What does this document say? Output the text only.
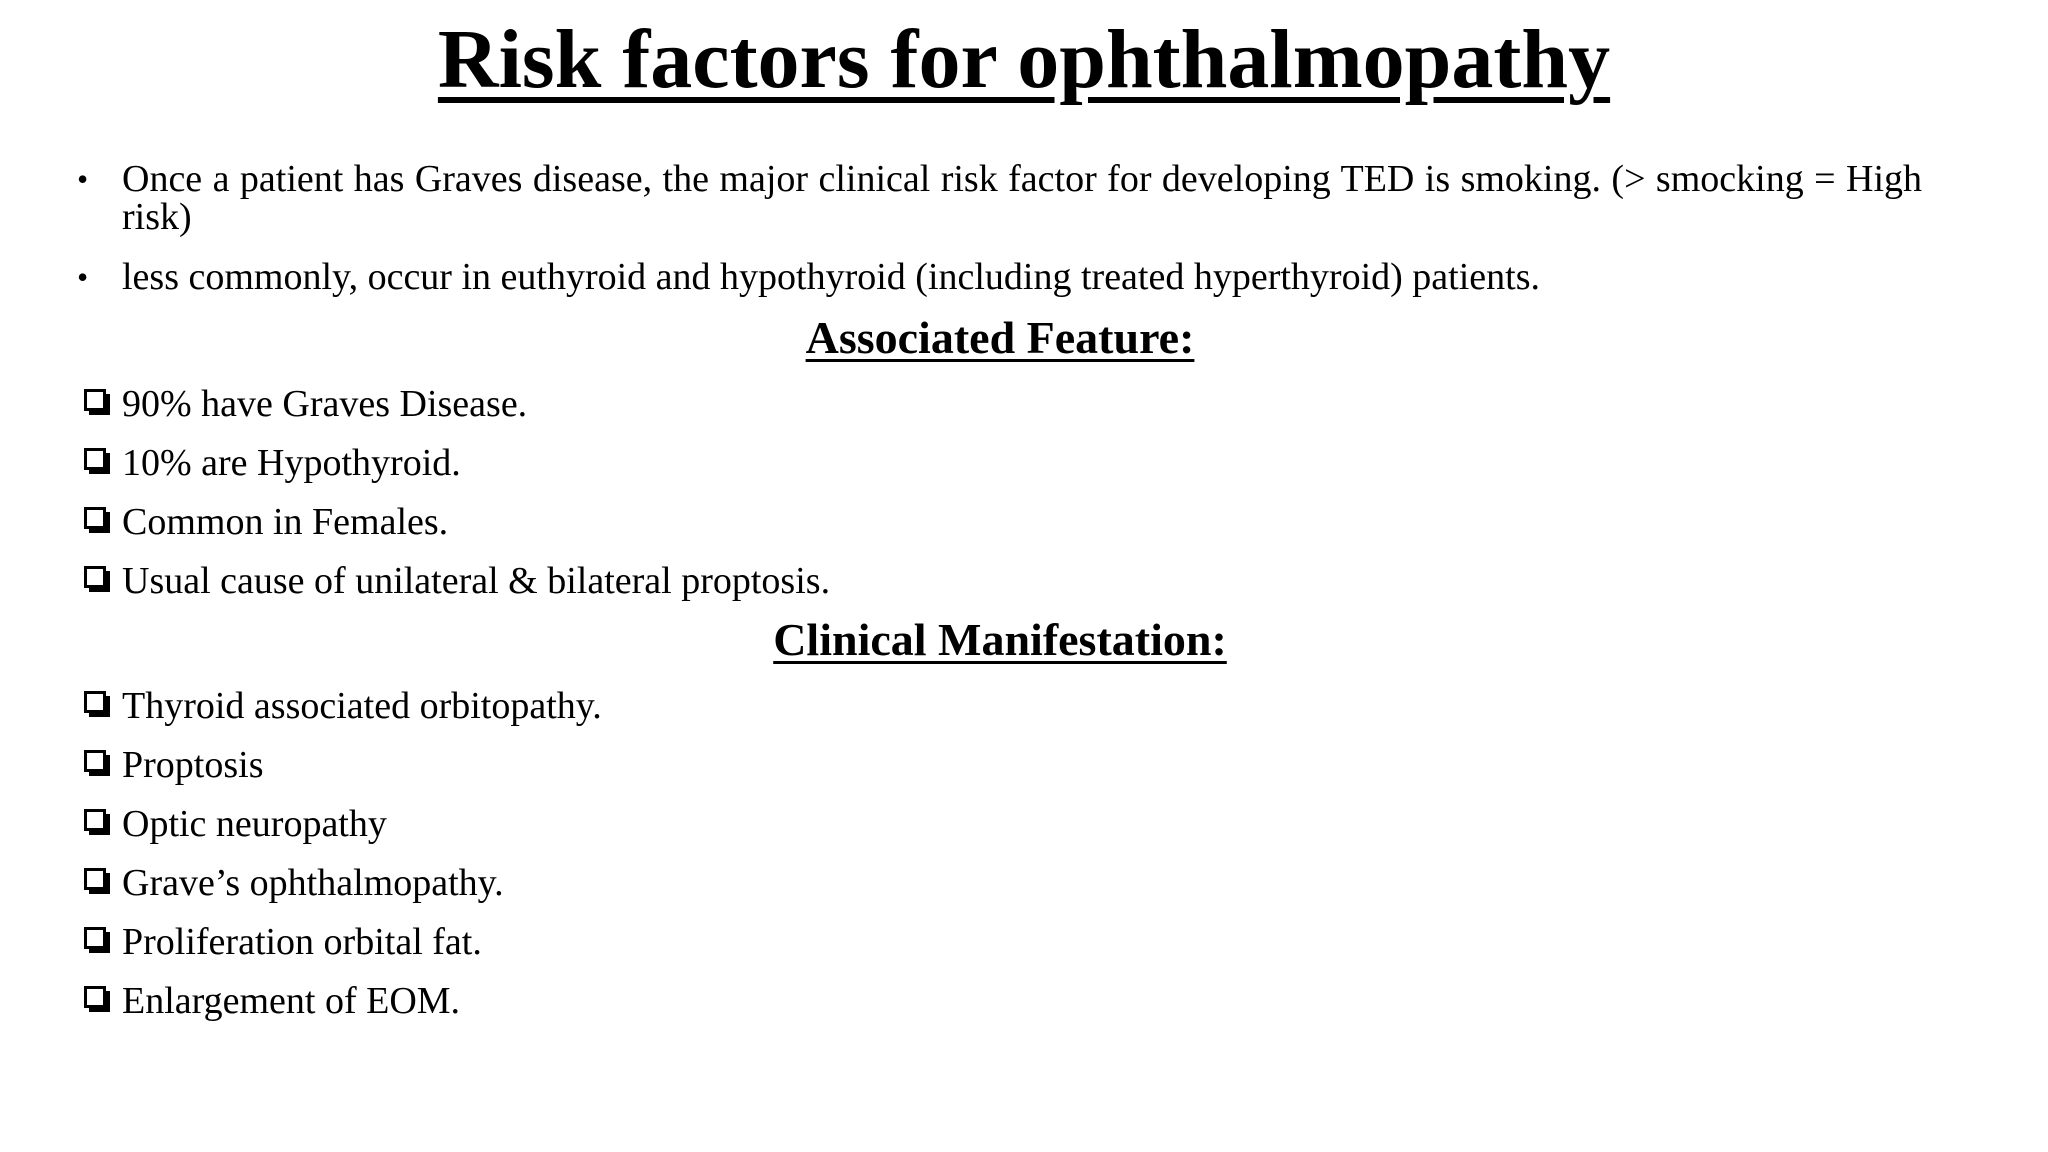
Risk factors for ophthalmopathy
• Once a patient has Graves disease, the major clinical risk factor for developing TED is smoking. (> smocking = High risk)
• less commonly, occur in euthyroid and hypothyroid (including treated hyperthyroid) patients.
Associated Feature:
90% have Graves Disease.
10% are Hypothyroid.
Common in Females.
Usual cause of unilateral & bilateral proptosis.
Clinical Manifestation:
Thyroid associated orbitopathy.
Proptosis
Optic neuropathy
Grave’s ophthalmopathy.
Proliferation orbital fat.
Enlargement of EOM.
